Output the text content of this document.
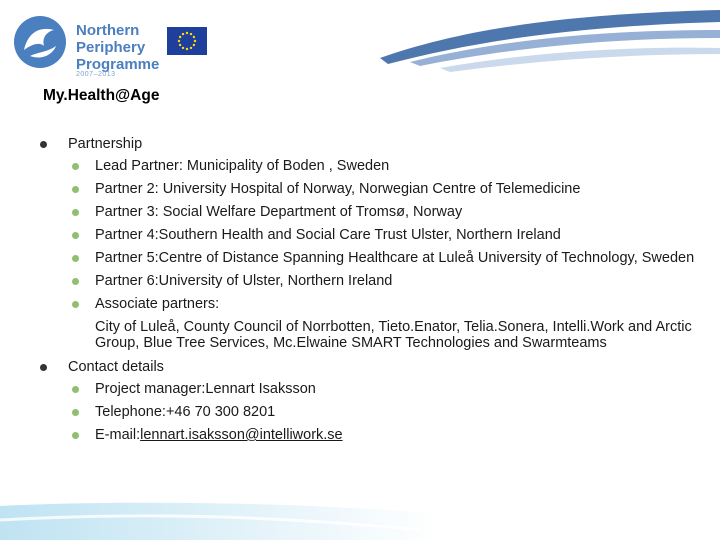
Northern
Periphery
Programme
2007–2013
My.Health@Age
Partnership
Lead Partner: Municipality of Boden , Sweden
Partner 2: University Hospital of Norway, Norwegian Centre of Telemedicine
Partner 3: Social Welfare Department of Tromsø, Norway
Partner 4:Southern Health and Social Care Trust Ulster, Northern Ireland
Partner 5:Centre of Distance Spanning Healthcare at Luleå University of Technology, Sweden
Partner 6:University of Ulster, Northern Ireland
Associate partners:
City of Luleå, County Council of Norrbotten, Tieto.Enator, Telia.Sonera, Intelli.Work and Arctic Group, Blue Tree Services, Mc.Elwaine SMART Technologies and Swarmteams
Contact details
Project manager:Lennart Isaksson
Telephone:+46 70 300 8201
E-mail:lennart.isaksson@intelliwork.se
